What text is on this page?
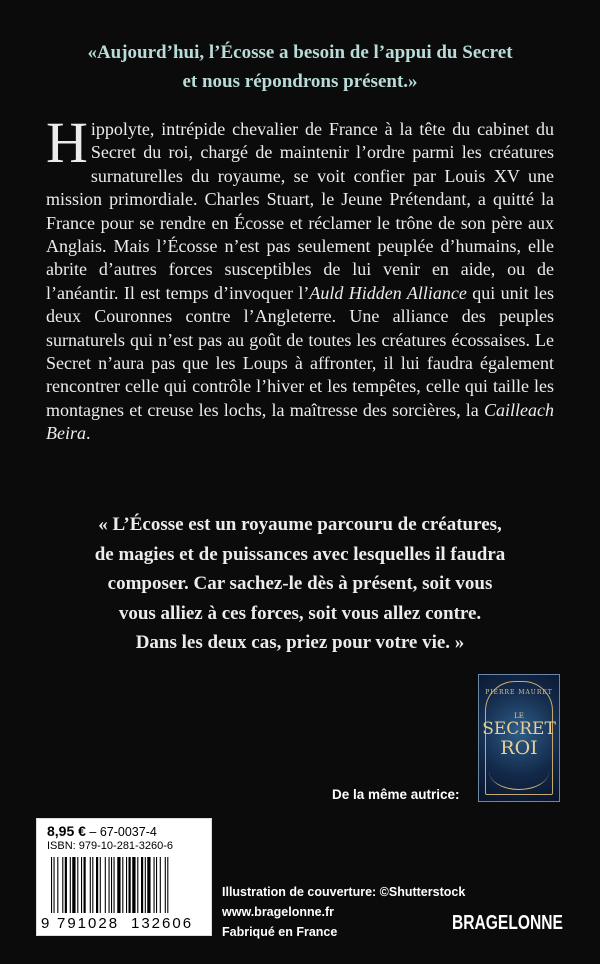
«Aujourd’hui, l’Écosse a besoin de l’appui du Secret
et nous répondrons présent.»
Hippolyte, intrépide chevalier de France à la tête du cabinet du Secret du roi, chargé de maintenir l’ordre parmi les créatures surnaturelles du royaume, se voit confier par Louis XV une mission primordiale. Charles Stuart, le Jeune Prétendant, a quitté la France pour se rendre en Écosse et réclamer le trône de son père aux Anglais. Mais l’Écosse n’est pas seulement peuplée d’humains, elle abrite d’autres forces susceptibles de lui venir en aide, ou de l’anéantir. Il est temps d’invoquer l’Auld Hidden Alliance qui unit les deux Couronnes contre l’Angleterre. Une alliance des peuples surnaturels qui n’est pas au goût de toutes les créatures écossaises. Le Secret n’aura pas que les Loups à affronter, il lui faudra également rencontrer celle qui contrôle l’hiver et les tempêtes, celle qui taille les montagnes et creuse les lochs, la maîtresse des sorcières, la Cailleach Beira.
« L’Écosse est un royaume parcouru de créatures,
de magies et de puissances avec lesquelles il faudra
composer. Car sachez-le dès à présent, soit vous
vous alliez à ces forces, soit vous allez contre.
Dans les deux cas, priez pour votre vie. »
PIERRE MAURET
LE
SECRET
ROI
De la même autrice:
8,95 € – 67-0037-4
ISBN: 979-10-281-3260-6
9 791028 132606
Illustration de couverture: ©Shutterstock
www.bragelonne.fr
Fabriqué en France	BRAGELONNE
